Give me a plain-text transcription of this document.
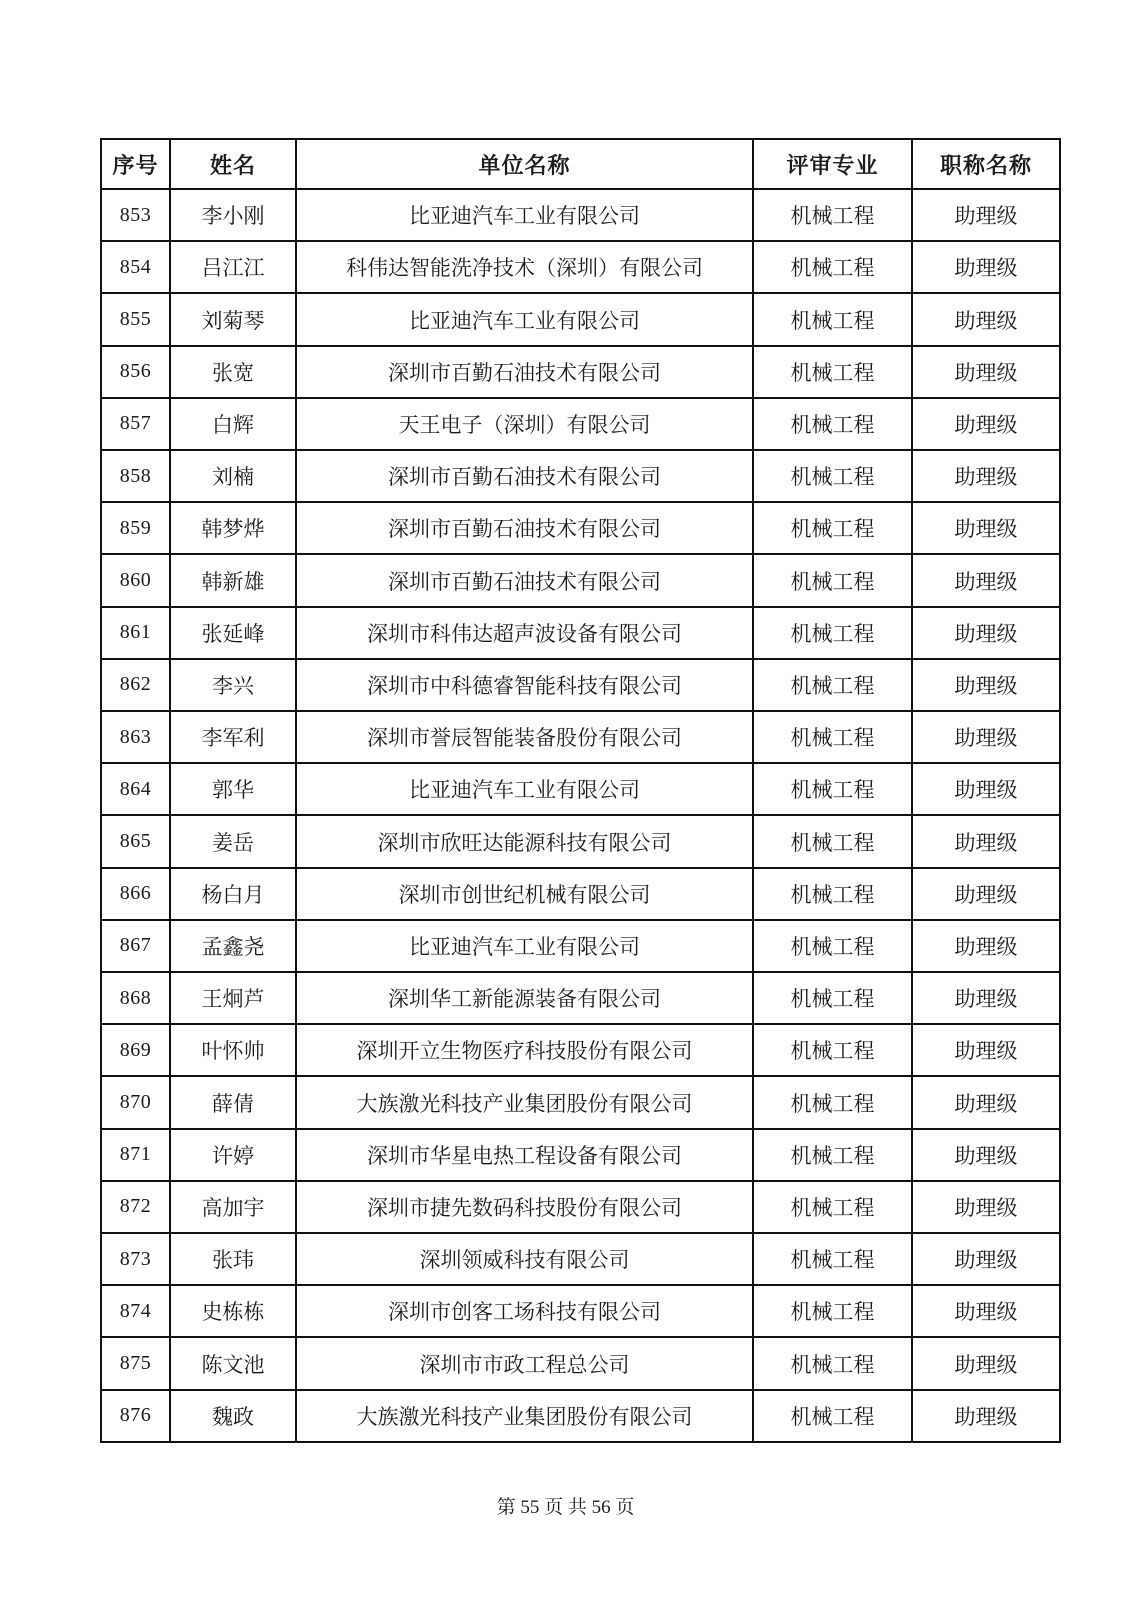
序号	姓名	单位名称	评审专业	职称名称
853	李小刚	比亚迪汽车工业有限公司	机械工程	助理级
854	吕江江	科伟达智能洗净技术（深圳）有限公司	机械工程	助理级
855	刘菊琴	比亚迪汽车工业有限公司	机械工程	助理级
856	张宽	深圳市百勤石油技术有限公司	机械工程	助理级
857	白辉	天王电子（深圳）有限公司	机械工程	助理级
858	刘楠	深圳市百勤石油技术有限公司	机械工程	助理级
859	韩梦烨	深圳市百勤石油技术有限公司	机械工程	助理级
860	韩新雄	深圳市百勤石油技术有限公司	机械工程	助理级
861	张延峰	深圳市科伟达超声波设备有限公司	机械工程	助理级
862	李兴	深圳市中科德睿智能科技有限公司	机械工程	助理级
863	李军利	深圳市誉辰智能装备股份有限公司	机械工程	助理级
864	郭华	比亚迪汽车工业有限公司	机械工程	助理级
865	姜岳	深圳市欣旺达能源科技有限公司	机械工程	助理级
866	杨白月	深圳市创世纪机械有限公司	机械工程	助理级
867	孟鑫尧	比亚迪汽车工业有限公司	机械工程	助理级
868	王炯芦	深圳华工新能源装备有限公司	机械工程	助理级
869	叶怀帅	深圳开立生物医疗科技股份有限公司	机械工程	助理级
870	薛倩	大族激光科技产业集团股份有限公司	机械工程	助理级
871	许婷	深圳市华星电热工程设备有限公司	机械工程	助理级
872	高加宇	深圳市捷先数码科技股份有限公司	机械工程	助理级
873	张玮	深圳领威科技有限公司	机械工程	助理级
874	史栋栋	深圳市创客工场科技有限公司	机械工程	助理级
875	陈文池	深圳市市政工程总公司	机械工程	助理级
876	魏政	大族激光科技产业集团股份有限公司	机械工程	助理级
第 55 页 共 56 页
